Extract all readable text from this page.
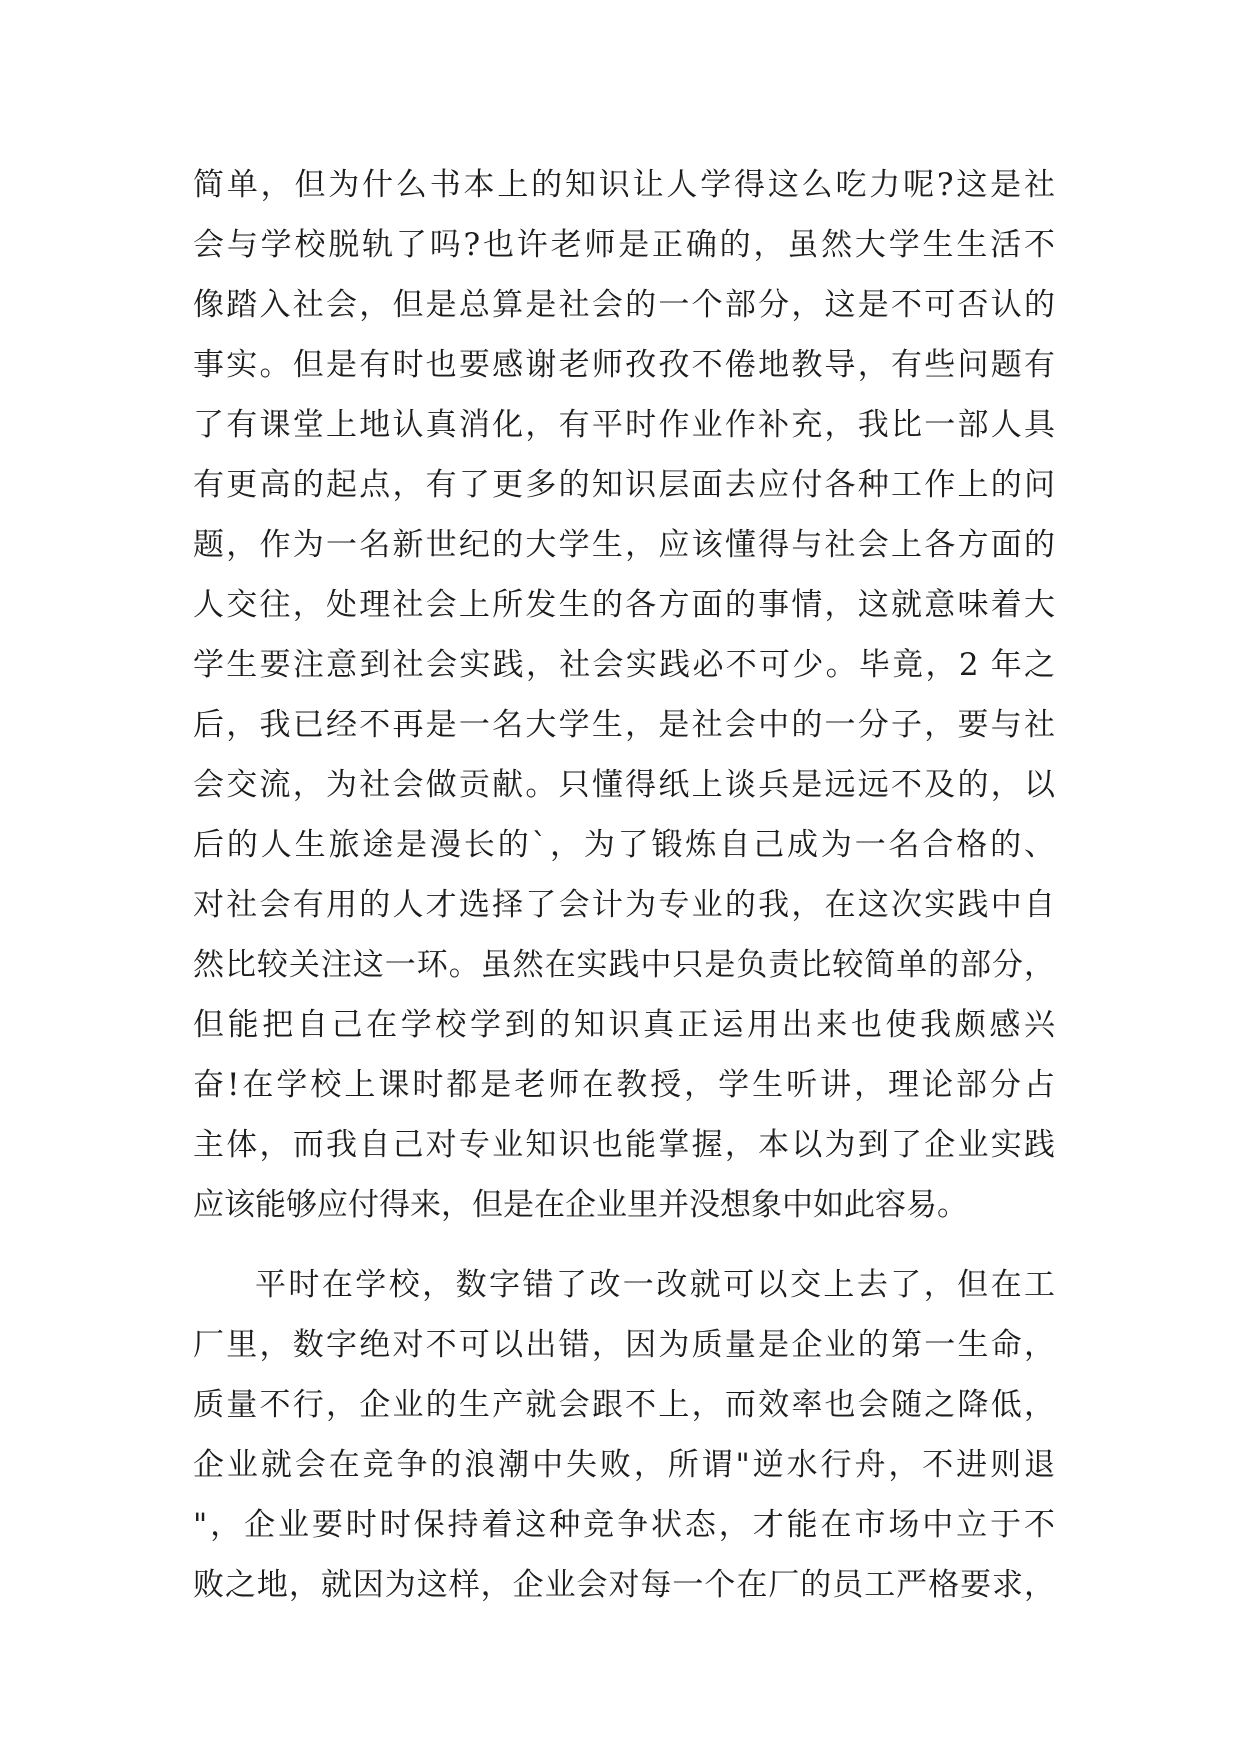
简单，但为什么书本上的知识让人学得这么吃力呢?这是社
会与学校脱轨了吗?也许老师是正确的，虽然大学生生活不
像踏入社会，但是总算是社会的一个部分，这是不可否认的
事实。但是有时也要感谢老师孜孜不倦地教导，有些问题有
了有课堂上地认真消化，有平时作业作补充，我比一部人具
有更高的起点，有了更多的知识层面去应付各种工作上的问
题，作为一名新世纪的大学生，应该懂得与社会上各方面的
人交往，处理社会上所发生的各方面的事情，这就意味着大
学生要注意到社会实践，社会实践必不可少。毕竟，2 年之
后，我已经不再是一名大学生，是社会中的一分子，要与社
会交流，为社会做贡献。只懂得纸上谈兵是远远不及的，以
后的人生旅途是漫长的`，为了锻炼自己成为一名合格的、
对社会有用的人才选择了会计为专业的我，在这次实践中自
然比较关注这一环。虽然在实践中只是负责比较简单的部分，
但能把自己在学校学到的知识真正运用出来也使我颇感兴
奋!在学校上课时都是老师在教授，学生听讲，理论部分占
主体，而我自己对专业知识也能掌握，本以为到了企业实践
应该能够应付得来，但是在企业里并没想象中如此容易。
平时在学校，数字错了改一改就可以交上去了，但在工
厂里，数字绝对不可以出错，因为质量是企业的第一生命，
质量不行，企业的生产就会跟不上，而效率也会随之降低，
企业就会在竞争的浪潮中失败，所谓"逆水行舟，不进则退
"，企业要时时保持着这种竞争状态，才能在市场中立于不
败之地，就因为这样，企业会对每一个在厂的员工严格要求，
